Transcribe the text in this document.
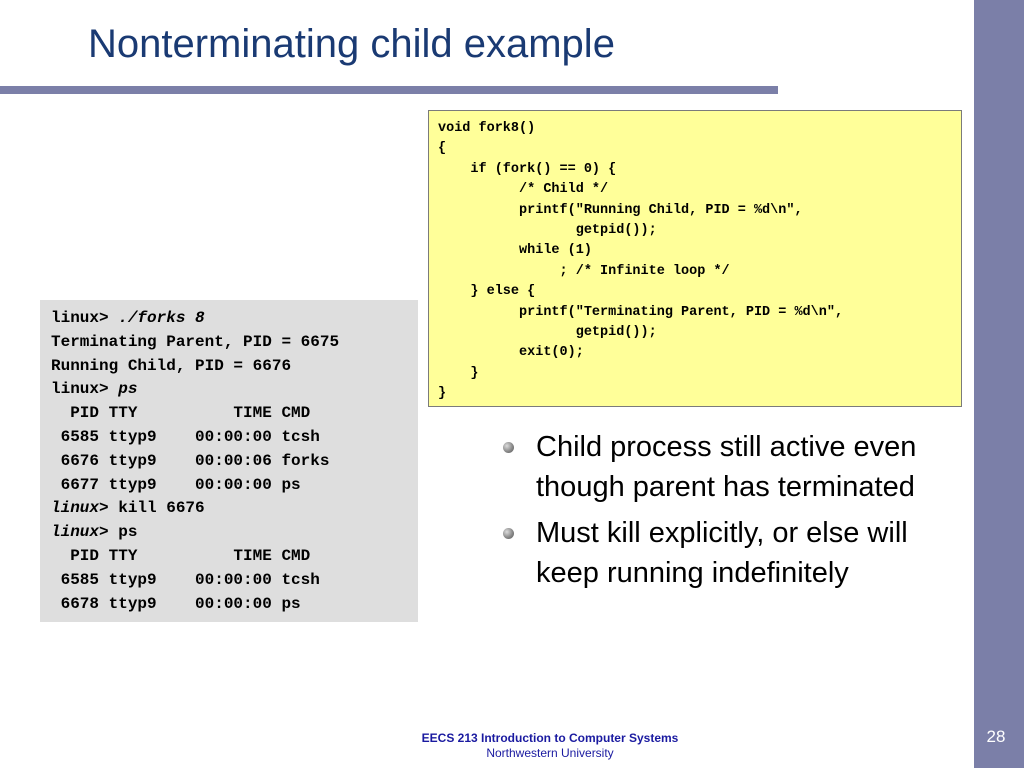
28
Nonterminating child example
void fork8()
{
if (fork() == 0) {
/* Child */
printf("Running Child, PID = %d\n",
getpid());
while (1)
; /* Infinite loop */
} else {
printf("Terminating Parent, PID = %d\n",
getpid());
exit(0);
}
}
linux> ./forks 8
Terminating Parent, PID = 6675
Running Child, PID = 6676
linux> ps
PID TTY          TIME CMD
6585 ttyp9    00:00:00 tcsh
6676 ttyp9    00:00:06 forks
6677 ttyp9    00:00:00 ps
linux> kill 6676
linux> ps
PID TTY          TIME CMD
6585 ttyp9    00:00:00 tcsh
6678 ttyp9    00:00:00 ps
Child process still active even though parent has terminated
Must kill explicitly, or else will keep running indefinitely
EECS 213 Introduction to Computer Systems
Northwestern University
